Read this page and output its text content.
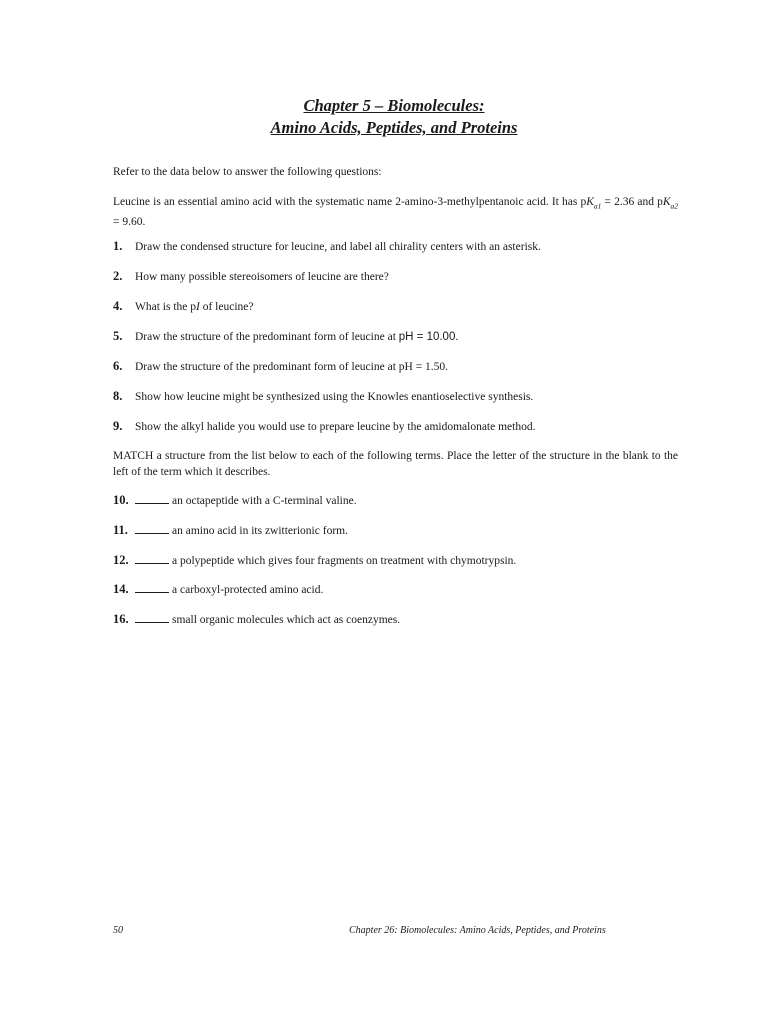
Chapter 5 – Biomolecules:
Amino Acids, Peptides, and Proteins
Refer to the data below to answer the following questions:
Leucine is an essential amino acid with the systematic name 2-amino-3-methylpentanoic acid. It has $pK_{a1} = 2.36$ and $pK_{a2} = 9.60$.
1. Draw the condensed structure for leucine, and label all chirality centers with an asterisk.
2. How many possible stereoisomers of leucine are there?
4. What is the pI of leucine?
5. Draw the structure of the predominant form of leucine at pH = 10.00.
6. Draw the structure of the predominant form of leucine at pH = 1.50.
8. Show how leucine might be synthesized using the Knowles enantioselective synthesis.
9. Show the alkyl halide you would use to prepare leucine by the amidomalonate method.
MATCH a structure from the list below to each of the following terms. Place the letter of the structure in the blank to the left of the term which it describes.
10.	an octapeptide with a C-terminal valine.
11.	an amino acid in its zwitterionic form.
12.	a polypeptide which gives four fragments on treatment with chymotrypsin.
14.	a carboxyl-protected amino acid.
16.	small organic molecules which act as coenzymes.
50	Chapter 26: Biomolecules: Amino Acids, Peptides, and Proteins
